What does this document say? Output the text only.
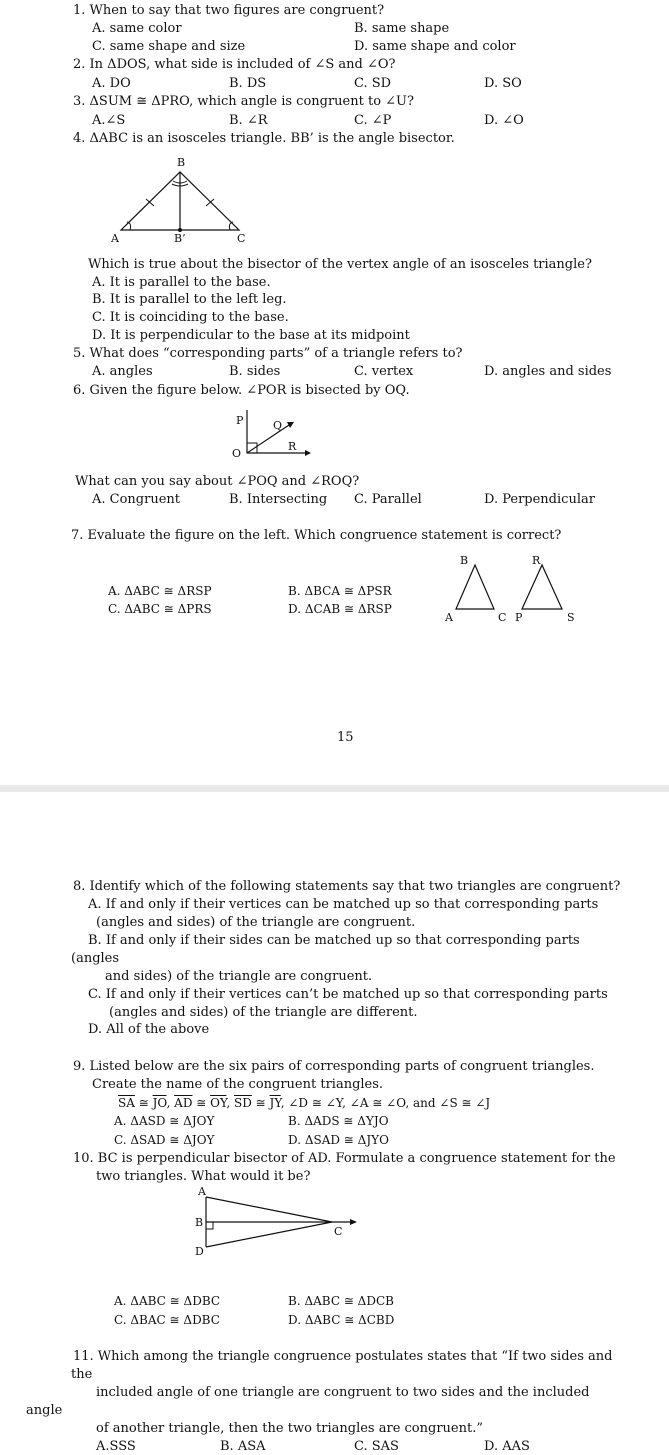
1. When to say that two figures are congruent?
A. same color	B. same shape
C. same shape and size	D. same shape and color
2. In ΔDOS, what side is included of ∠S and ∠O?
A. DO	B. DS	C. SD	D. SO
3. ΔSUM ≅ ΔPRO, which angle is congruent to ∠U?
A.∠S	B. ∠R	C. ∠P	D. ∠O
4. ΔABC is an isosceles triangle. BB’ is the angle bisector.
B
A	B’	C
Which is true about the bisector of the vertex angle of an isosceles triangle?
A. It is parallel to the base.
B. It is parallel to the left leg.
C. It is coinciding to the base.
D. It is perpendicular to the base at its midpoint
5. What does “corresponding parts” of a triangle refers to?
A. angles	B. sides	C. vertex	D. angles and sides
6. Given the figure below. ∠POR is bisected by OQ.
P	Q
O
R
What can you say about ∠POQ and ∠ROQ?
A. Congruent	B. Intersecting C. Parallel	D. Perpendicular
7. Evaluate the figure on the left. Which congruence statement is correct?
A. ΔABC ≅ ΔRSP	B. ΔBCA ≅ ΔPSR
C. ΔABC ≅ ΔPRS	D. ΔCAB ≅ ΔRSP
B	R
A	C P	S
15
8. Identify which of the following statements say that two triangles are congruent?
A. If and only if their vertices can be matched up so that corresponding parts
(angles and sides) of the triangle are congruent.
B. If and only if their sides can be matched up so that corresponding parts
(angles
and sides) of the triangle are congruent.
C. If and only if their vertices can’t be matched up so that corresponding parts
(angles and sides) of the triangle are different.
D. All of the above
9. Listed below are the six pairs of corresponding parts of congruent triangles.
Create the name of the congruent triangles.
$\overline{SA}$ ≅ $\overline{JO}$, $\overline{AD}$ ≅ $\overline{OY}$, $\overline{SD}$ ≅ $\overline{JY}$, ∠D ≅ ∠Y, ∠A ≅ ∠O, and ∠S ≅ ∠J
A. ΔASD ≅ ΔJOY	B. ΔADS ≅ ΔYJO
C. ΔSAD ≅ ΔJOY	D. ΔSAD ≅ ΔJYO
10. BC is perpendicular bisector of AD. Formulate a congruence statement for the
two triangles. What would it be?
A
B
C
D
A. ΔABC ≅ ΔDBC	B. ΔABC ≅ ΔDCB
C. ΔBAC ≅ ΔDBC	D. ΔABC ≅ ΔCBD
11. Which among the triangle congruence postulates states that “If two sides and
the
included angle of one triangle are congruent to two sides and the included
angle
of another triangle, then the two triangles are congruent.”
A.SSS	B. ASA	C. SAS	D. AAS
